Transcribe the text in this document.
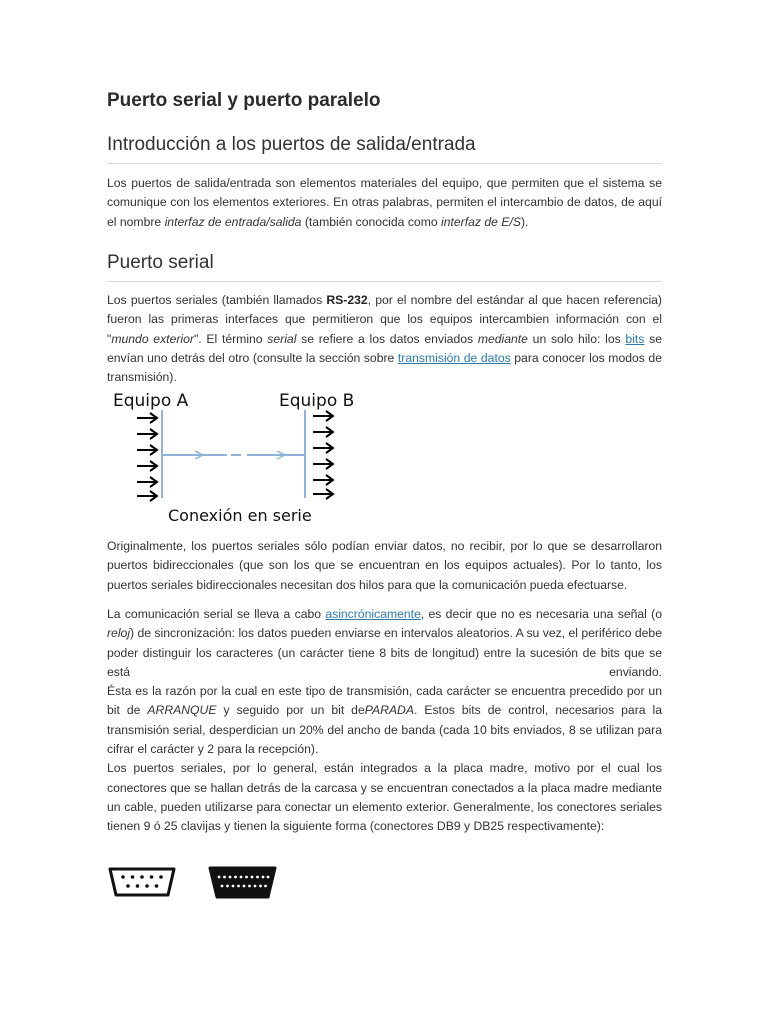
Puerto serial y puerto paralelo
Introducción a los puertos de salida/entrada

Los puertos de salida/entrada son elementos materiales del equipo, que permiten que el sistema se comunique con los elementos exteriores. En otras palabras, permiten el intercambio de datos, de aquí el nombre interfaz de entrada/salida (también conocida como interfaz de E/S).

Puerto serial

Los puertos seriales (también llamados RS-232, por el nombre del estándar al que hacen referencia) fueron las primeras interfaces que permitieron que los equipos intercambien información con el "mundo exterior". El término serial se refiere a los datos enviados mediante un solo hilo: los bits se envían uno detrás del otro (consulte la sección sobre transmisión de datos para conocer los modos de transmisión).

Equipo A	Equipo B
Conexión en serie

Originalmente, los puertos seriales sólo podían enviar datos, no recibir, por lo que se desarrollaron puertos bidireccionales (que son los que se encuentran en los equipos actuales). Por lo tanto, los puertos seriales bidireccionales necesitan dos hilos para que la comunicación pueda efectuarse.

La comunicación serial se lleva a cabo asincrónicamente, es decir que no es necesaria una señal (o reloj) de sincronización: los datos pueden enviarse en intervalos aleatorios. A su vez, el periférico debe poder distinguir los caracteres (un carácter tiene 8 bits de longitud) entre la sucesión de bits que se está enviando.

Ésta es la razón por la cual en este tipo de transmisión, cada carácter se encuentra precedido por un bit de ARRANQUE y seguido por un bit dePARADA. Estos bits de control, necesarios para la transmisión serial, desperdician un 20% del ancho de banda (cada 10 bits enviados, 8 se utilizan para cifrar el carácter y 2 para la recepción).

Los puertos seriales, por lo general, están integrados a la placa madre, motivo por el cual los conectores que se hallan detrás de la carcasa y se encuentran conectados a la placa madre mediante un cable, pueden utilizarse para conectar un elemento exterior. Generalmente, los conectores seriales tienen 9 ó 25 clavijas y tienen la siguiente forma (conectores DB9 y DB25 respectivamente):
